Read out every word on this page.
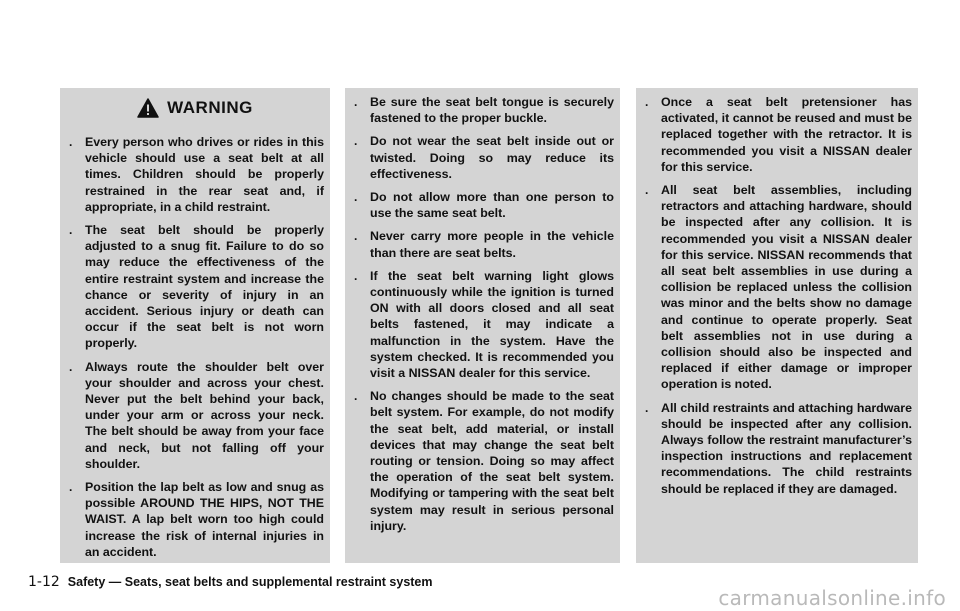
WARNING
. Every person who drives or rides in this vehicle should use a seat belt at all times. Children should be properly restrained in the rear seat and, if appropriate, in a child restraint.
. The seat belt should be properly adjusted to a snug fit. Failure to do so may reduce the effectiveness of the entire restraint system and increase the chance or severity of injury in an accident. Serious injury or death can occur if the seat belt is not worn properly.
. Always route the shoulder belt over your shoulder and across your chest. Never put the belt behind your back, under your arm or across your neck. The belt should be away from your face and neck, but not falling off your shoulder.
. Position the lap belt as low and snug as possible AROUND THE HIPS, NOT THE WAIST. A lap belt worn too high could increase the risk of internal injuries in an accident.
. Be sure the seat belt tongue is securely fastened to the proper buckle.
. Do not wear the seat belt inside out or twisted. Doing so may reduce its effectiveness.
. Do not allow more than one person to use the same seat belt.
. Never carry more people in the vehicle than there are seat belts.
. If the seat belt warning light glows continuously while the ignition is turned ON with all doors closed and all seat belts fastened, it may indicate a malfunction in the system. Have the system checked. It is recommended you visit a NISSAN dealer for this service.
. No changes should be made to the seat belt system. For example, do not modify the seat belt, add material, or install devices that may change the seat belt routing or tension. Doing so may affect the operation of the seat belt system. Modifying or tampering with the seat belt system may result in serious personal injury.
. Once a seat belt pretensioner has activated, it cannot be reused and must be replaced together with the retractor. It is recommended you visit a NISSAN dealer for this service.
. All seat belt assemblies, including retractors and attaching hardware, should be inspected after any collision. It is recommended you visit a NISSAN dealer for this service. NISSAN recommends that all seat belt assemblies in use during a collision be replaced unless the collision was minor and the belts show no damage and continue to operate properly. Seat belt assemblies not in use during a collision should also be inspected and replaced if either damage or improper operation is noted.
. All child restraints and attaching hardware should be inspected after any collision. Always follow the restraint manufacturer’s inspection instructions and replacement recommendations. The child restraints should be replaced if they are damaged.
1-12 Safety — Seats, seat belts and supplemental restraint system
carmanualsonline.info
